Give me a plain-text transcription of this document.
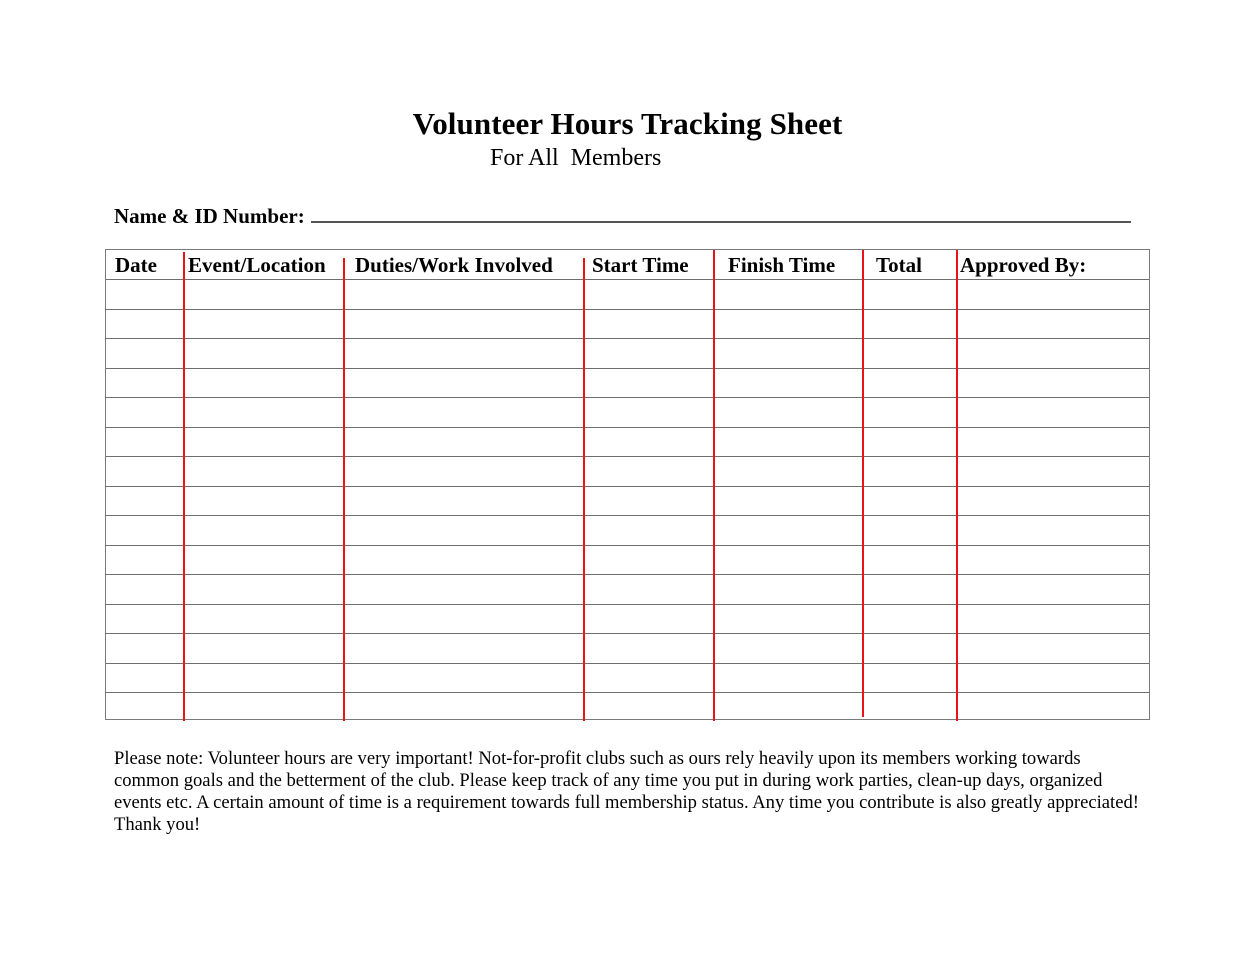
Volunteer Hours Tracking Sheet
For All  Members
Name & ID Number:
Date Event/Location Duties/Work Involved Start Time Finish Time Total Approved By:
Please note: Volunteer hours are very important! Not-for-profit clubs such as ours rely heavily upon its members working towards common goals and the betterment of the club. Please keep track of any time you put in during work parties, clean-up days, organized events etc. A certain amount of time is a requirement towards full membership status. Any time you contribute is also greatly appreciated! Thank you!
